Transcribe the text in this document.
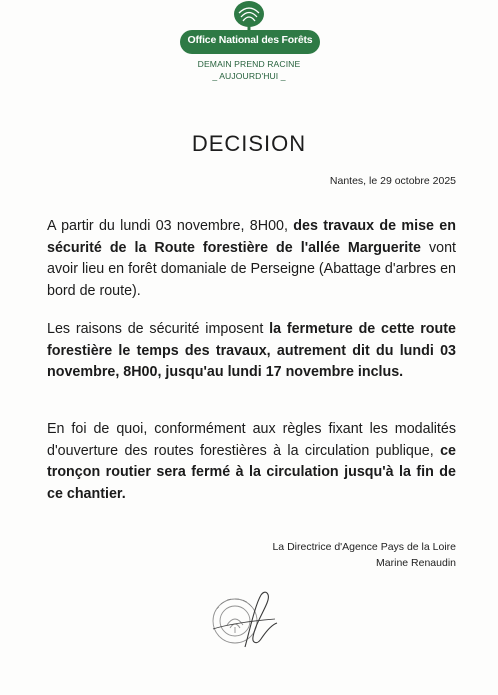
Office National des Forêts
DEMAIN PREND RACINE
_ AUJOURD'HUI _
DECISION
Nantes, le 29 octobre 2025
A partir du lundi 03 novembre, 8H00, des travaux de mise en sécurité de la Route forestière de l'allée Marguerite vont avoir lieu en forêt domaniale de Perseigne (Abattage d'arbres en bord de route).
Les raisons de sécurité imposent la fermeture de cette route forestière le temps des travaux, autrement dit du lundi 03 novembre, 8H00, jusqu'au lundi 17 novembre inclus.
En foi de quoi, conformément aux règles fixant les modalités d'ouverture des routes forestières à la circulation publique, ce tronçon routier sera fermé à la circulation jusqu'à la fin de ce chantier.
La Directrice d'Agence Pays de la Loire
Marine Renaudin
